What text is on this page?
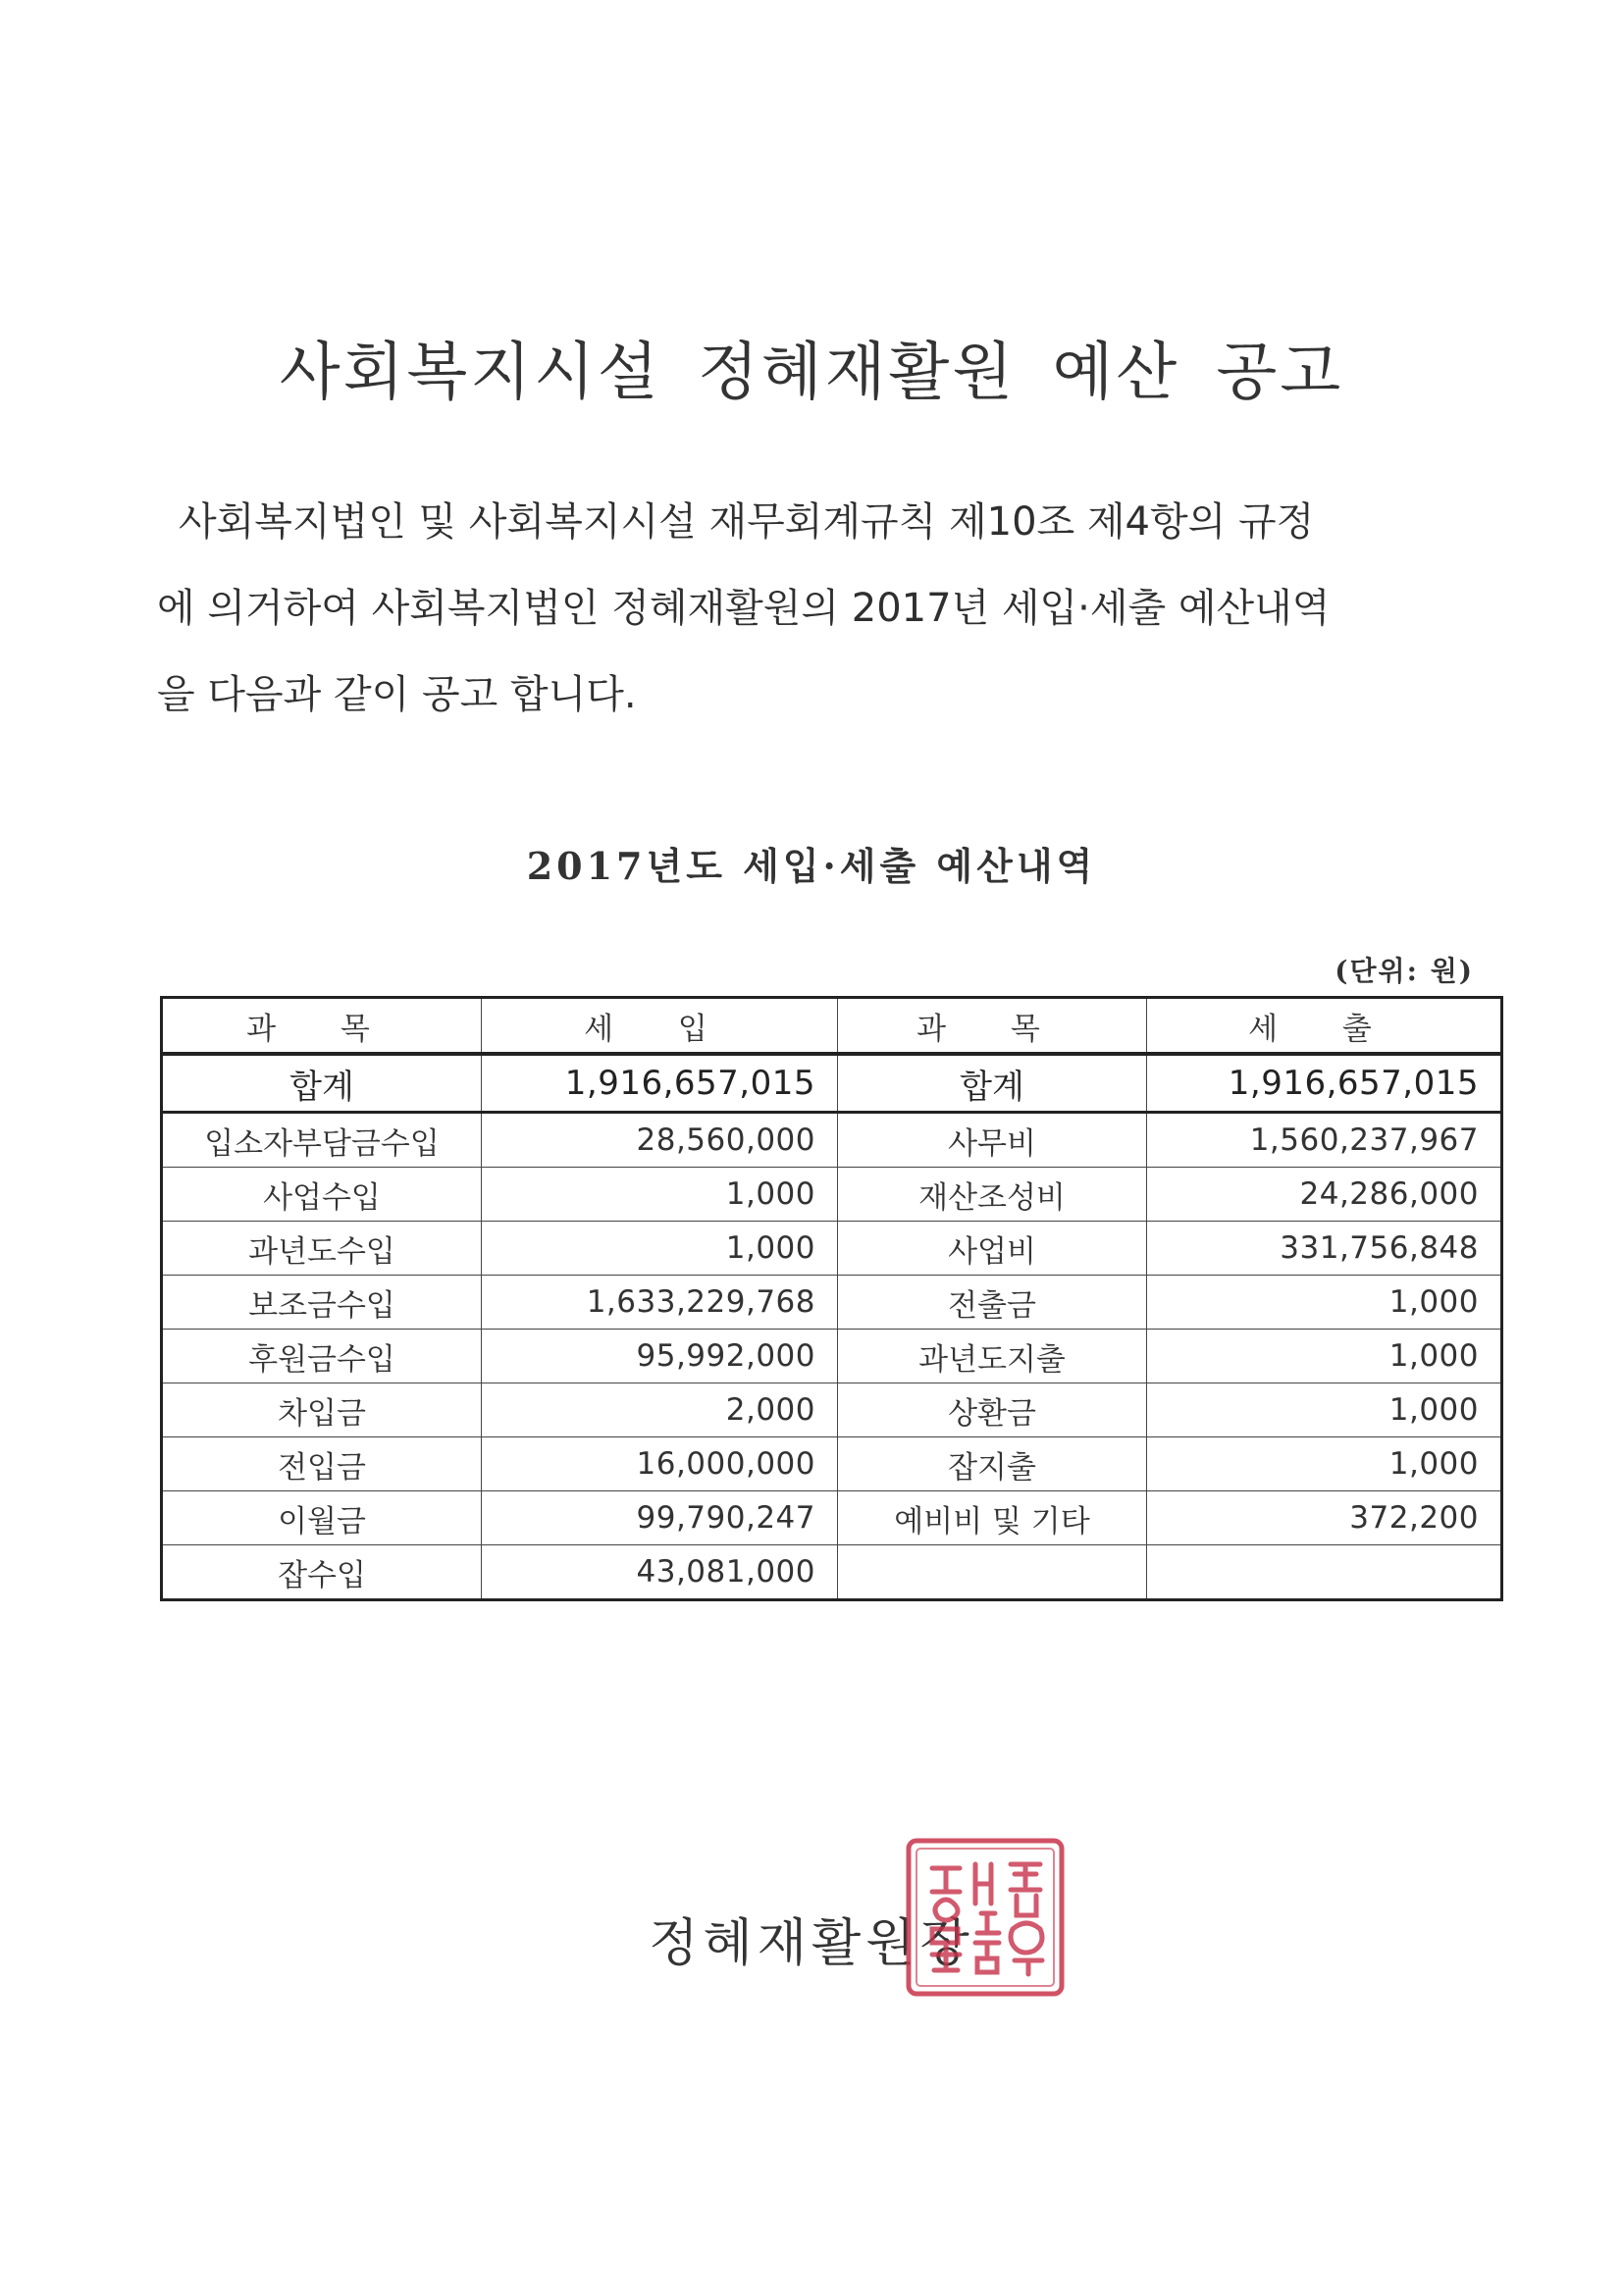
사회복지시설 정혜재활원 예산 공고

사회복지법인 및 사회복지시설 재무회계규칙 제10조 제4항의 규정
에 의거하여 사회복지법인 정혜재활원의 2017년 세입·세출 예산내역
을 다음과 같이 공고 합니다.

2017년도 세입·세출 예산내역
(단위: 원)
과 목	세 입	과 목	세 출
합계	1,916,657,015	합계	1,916,657,015
입소자부담금수입	28,560,000	사무비	1,560,237,967
사업수입	1,000	재산조성비	24,286,000
과년도수입	1,000	사업비	331,756,848
보조금수입	1,633,229,768	전출금	1,000
후원금수입	95,992,000	과년도지출	1,000
차입금	2,000	상환금	1,000
전입금	16,000,000	잡지출	1,000
이월금	99,790,247	예비비 및 기타	372,200
잡수입	43,081,000		
정혜재활원장
